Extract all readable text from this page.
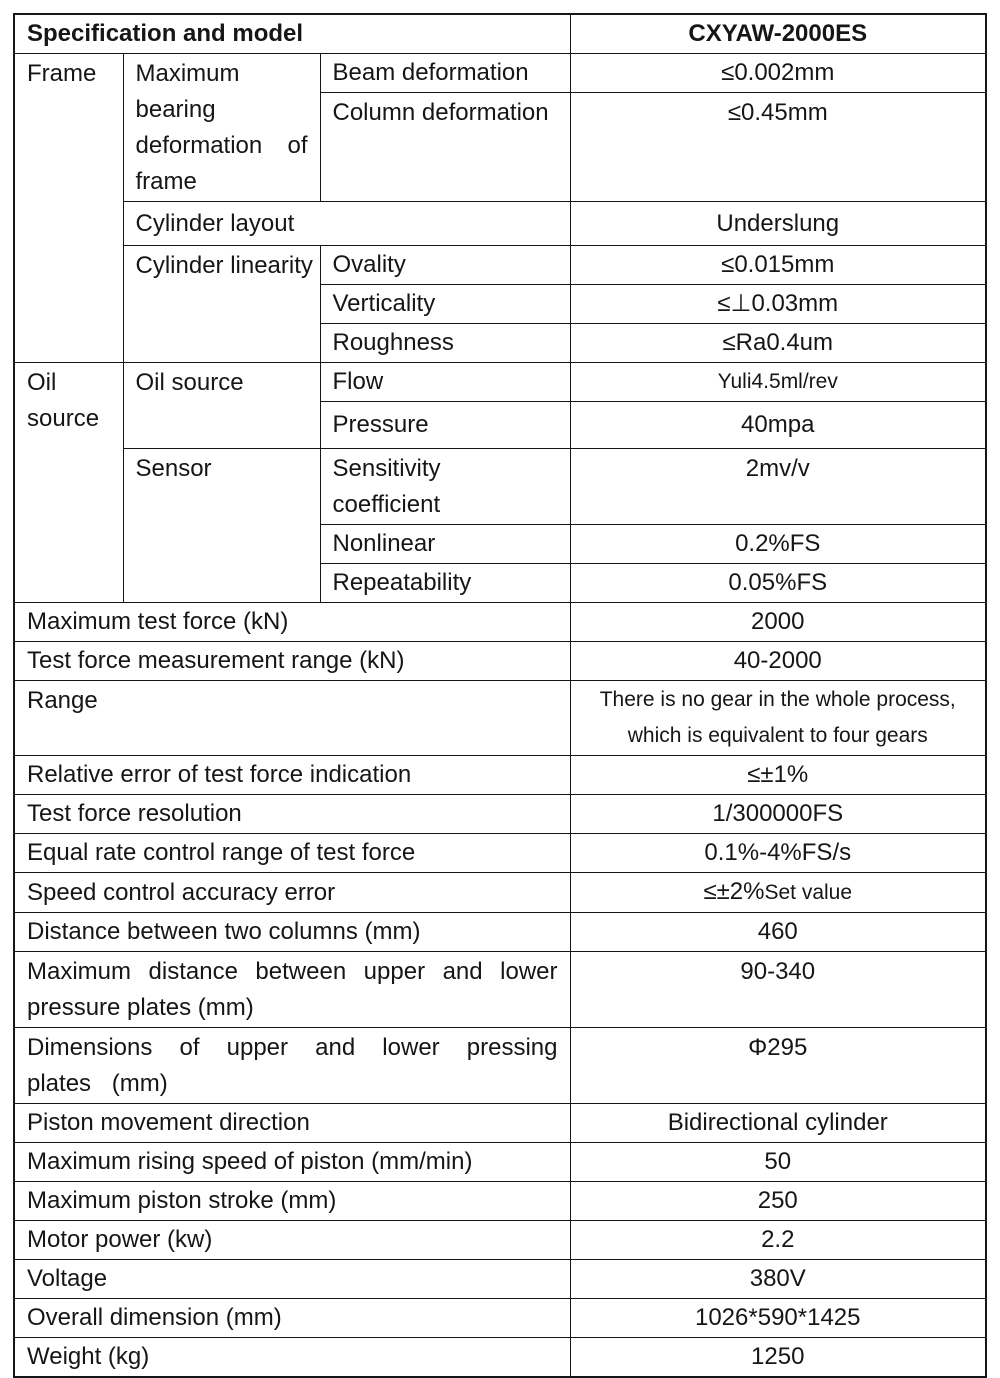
Specification and model			CXYAW-2000ES
Frame	Maximum bearing deformation of frame	Beam deformation	≤0.002mm
		Column deformation	≤0.45mm
	Cylinder layout		Underslung
	Cylinder linearity	Ovality	≤0.015mm
		Verticality	≤⊥0.03mm
		Roughness	≤Ra0.4um
Oil source	Oil source	Flow	Yuli4.5ml/rev
		Pressure	40mpa
	Sensor	Sensitivity coefficient	2mv/v
		Nonlinear	0.2%FS
		Repeatability	0.05%FS
Maximum test force (kN)			2000
Test force measurement range (kN)			40-2000
Range			There is no gear in the whole process,
which is equivalent to four gears

Relative error of test force indication			≤±1%
Test force resolution			1/300000FS
Equal rate control range of test force			0.1%-4%FS/s
Speed control accuracy error			≤±2%Set value
Distance between two columns (mm)			460
Maximum distance between upper and lower pressure plates (mm)			90-340
Dimensions of upper and lower pressing plates (mm)			Φ295
Piston movement direction			Bidirectional cylinder
Maximum rising speed of piston (mm/min)			50
Maximum piston stroke (mm)			250
Motor power (kw)			2.2
Voltage			380V
Overall dimension (mm)			1026*590*1425
Weight (kg)			1250
